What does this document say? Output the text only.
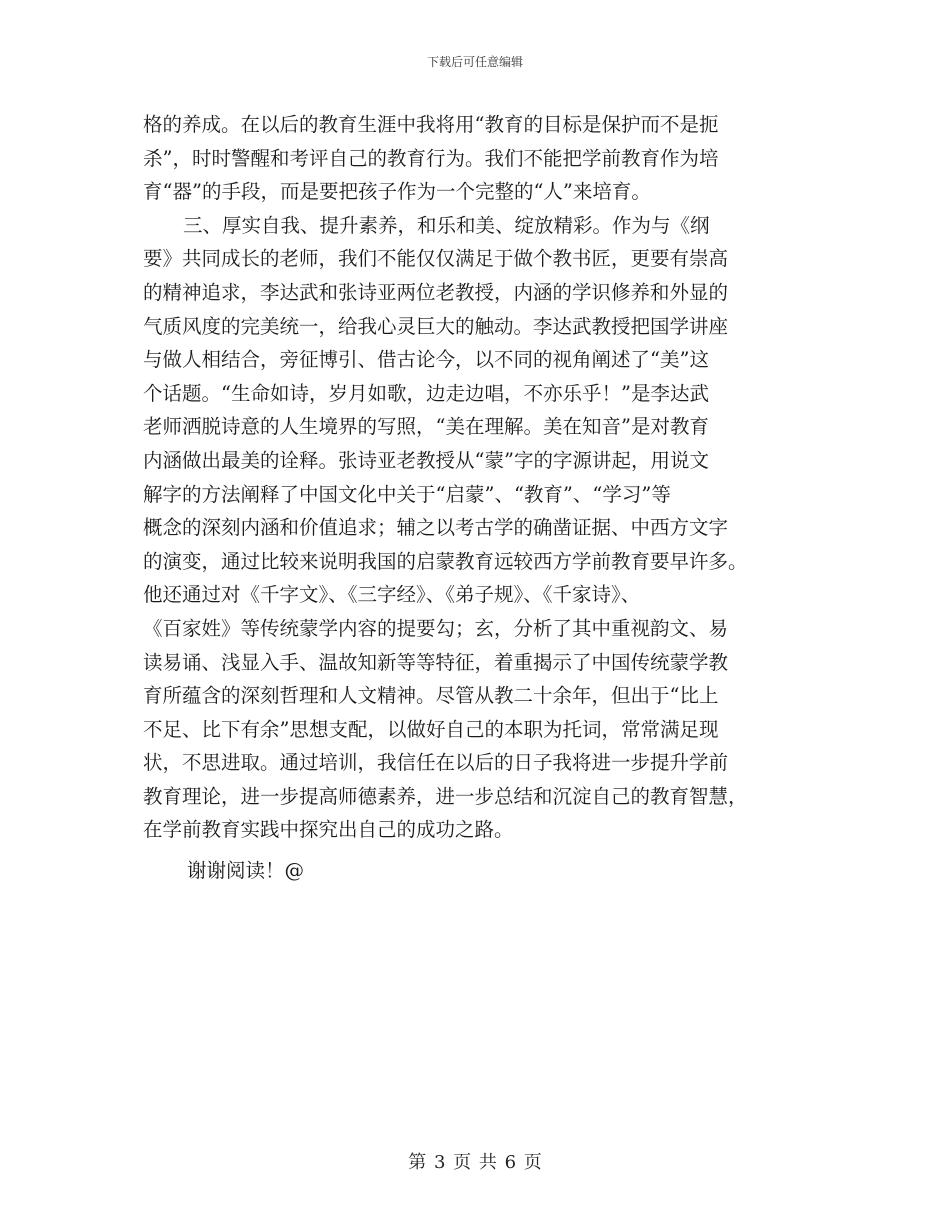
下载后可任意编辑
格的养成。在以后的教育生涯中我将用“教育的目标是保护而不是扼
杀”，时时警醒和考评自己的教育行为。我们不能把学前教育作为培
育“器”的手段，而是要把孩子作为一个完整的“人”来培育。
三、厚实自我、提升素养，和乐和美、绽放精彩。作为与《纲
要》共同成长的老师，我们不能仅仅满足于做个教书匠，更要有崇高
的精神追求，李达武和张诗亚两位老教授，内涵的学识修养和外显的
气质风度的完美统一，给我心灵巨大的触动。李达武教授把国学讲座
与做人相结合，旁征博引、借古论今，以不同的视角阐述了“美”这
个话题。“生命如诗，岁月如歌，边走边唱，不亦乐乎！”是李达武
老师洒脱诗意的人生境界的写照，“美在理解。美在知音”是对教育
内涵做出最美的诠释。张诗亚老教授从“蒙”字的字源讲起，用说文
解字的方法阐释了中国文化中关于“启蒙”、“教育”、“学习”等
概念的深刻内涵和价值追求；辅之以考古学的确凿证据、中西方文字
的演变，通过比较来说明我国的启蒙教育远较西方学前教育要早许多。
他还通过对《千字文》、《三字经》、《弟子规》、《千家诗》、
《百家姓》等传统蒙学内容的提要勾；玄，分析了其中重视韵文、易
读易诵、浅显入手、温故知新等等特征，着重揭示了中国传统蒙学教
育所蕴含的深刻哲理和人文精神。尽管从教二十余年，但出于“比上
不足、比下有余”思想支配，以做好自己的本职为托词，常常满足现
状，不思进取。通过培训，我信任在以后的日子我将进一步提升学前
教育理论，进一步提高师德素养，进一步总结和沉淀自己的教育智慧，
在学前教育实践中探究出自己的成功之路。
谢谢阅读！@
第 3 页 共 6 页
